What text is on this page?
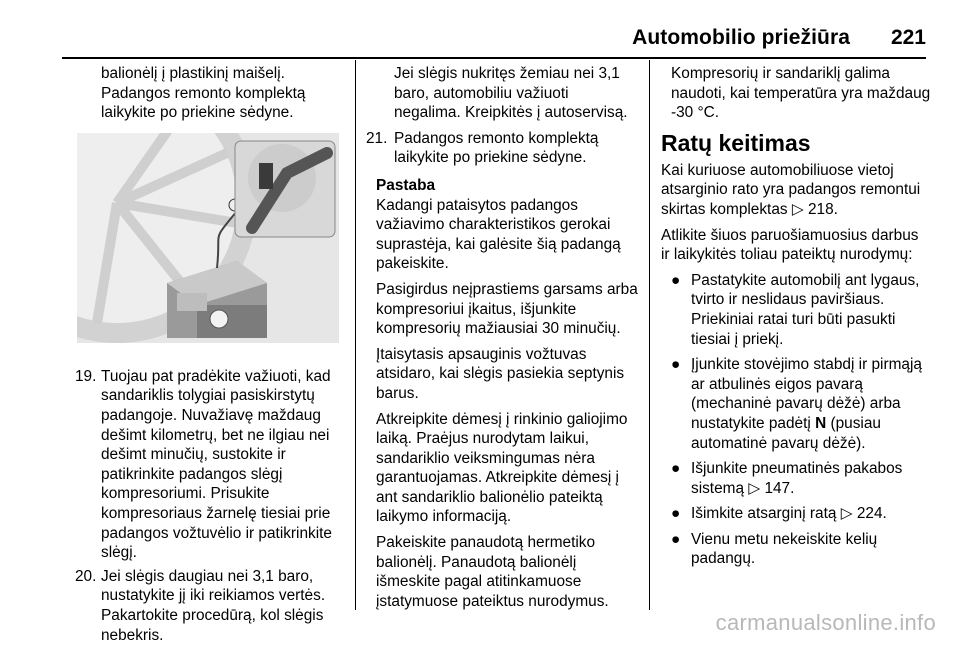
Automobilio priežiūra 221

balionėlį į plastikinį maišelį. Padangos remonto komplektą laikykite po priekine sėdyne.

19. Tuojau pat pradėkite važiuoti, kad sandariklis tolygiai pasiskirstytų padangoje. Nuvažiavę maždaug dešimt kilometrų, bet ne ilgiau nei dešimt minučių, sustokite ir patikrinkite padangos slėgį kompresoriumi. Prisukite kompresoriaus žarnelę tiesiai prie padangos vožtuvėlio ir patikrinkite slėgį.
20. Jei slėgis daugiau nei 3,1 baro, nustatykite jį iki reikiamos vertės. Pakartokite procedūrą, kol slėgis nebekris.

Jei slėgis nukritęs žemiau nei 3,1 baro, automobiliu važiuoti negalima. Kreipkitės į autoservisą.

21. Padangos remonto komplektą laikykite po priekine sėdyne.
Pastaba

Kadangi pataisytos padangos važiavimo charakteristikos gerokai suprastėja, kai galėsite šią padangą pakeiskite.

Pasigirdus neįprastiems garsams arba kompresoriui įkaitus, išjunkite kompresorių mažiausiai 30 minučių.

Įtaisytasis apsauginis vožtuvas atsidaro, kai slėgis pasiekia septynis barus.

Atkreipkite dėmesį į rinkinio galiojimo laiką. Praėjus nurodytam laikui, sandariklio veiksmingumas nėra garantuojamas. Atkreipkite dėmesį į ant sandariklio balionėlio pateiktą laikymo informaciją.

Pakeiskite panaudotą hermetiko balionėlį. Panaudotą balionėlį išmeskite pagal atitinkamuose įstatymuose pateiktus nurodymus.

Kompresorių ir sandariklį galima naudoti, kai temperatūra yra maždaug -30 °C.

Ratų keitimas

Kai kuriuose automobiliuose vietoj atsarginio rato yra padangos remontui skirtas komplektas ▷ 218.

Atlikite šiuos paruošiamuosius darbus ir laikykitės toliau pateiktų nurodymų:

● Pastatykite automobilį ant lygaus, tvirto ir neslidaus paviršiaus. Priekiniai ratai turi būti pasukti tiesiai į priekį.
● Įjunkite stovėjimo stabdį ir pirmąją ar atbulinės eigos pavarą (mechaninė pavarų dėžė) arba nustatykite padėtį N (pusiau automatinė pavarų dėžė).
● Išjunkite pneumatinės pakabos sistemą ▷ 147.
● Išimkite atsarginį ratą ▷ 224.
● Vienu metu nekeiskite kelių padangų.
carmanualsonline.info
